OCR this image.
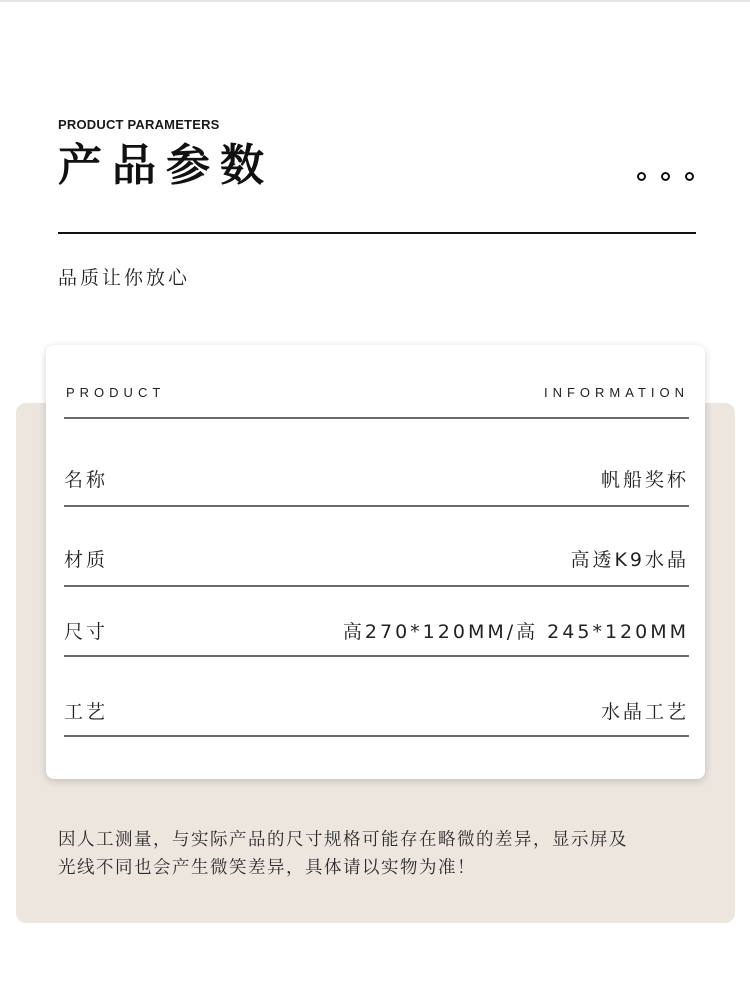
PRODUCT PARAMETERS
产品参数
品质让你放心
PRODUCT	INFORMATION
名称	帆船奖杯
材质	高透K9水晶
尺寸	高270*120MM/高 245*120MM
工艺	水晶工艺
因人工测量，与实际产品的尺寸规格可能存在略微的差异，显示屏及
光线不同也会产生微笑差异，具体请以实物为准！
